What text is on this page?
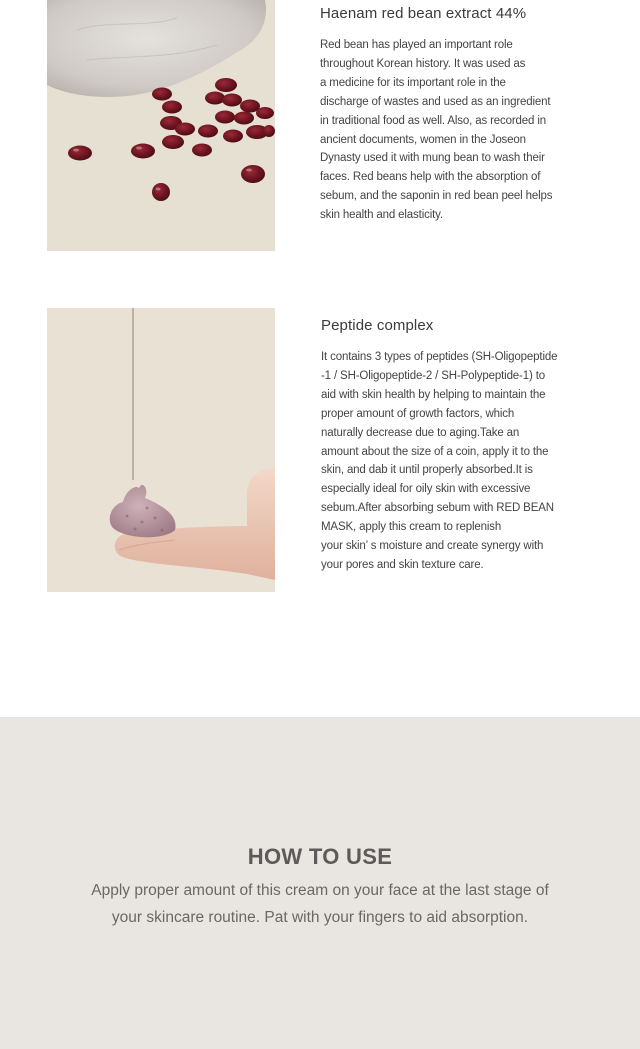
Haenam red bean extract 44%

Red bean has played an important role
throughout Korean history. It was used as
a medicine for its important role in the
discharge of wastes and used as an ingredient
in traditional food as well. Also, as recorded in
ancient documents, women in the Joseon
Dynasty used it with mung bean to wash their
faces. Red beans help with the absorption of
sebum, and the saponin in red bean peel helps
skin health and elasticity.

Peptide complex

It contains 3 types of peptides (SH-Oligopeptide
-1 / SH-Oligopeptide-2 / SH-Polypeptide-1) to
aid with skin health by helping to maintain the
proper amount of growth factors, which
naturally decrease due to aging.Take an
amount about the size of a coin, apply it to the
skin, and dab it until properly absorbed.It is
especially ideal for oily skin with excessive
sebum.After absorbing sebum with RED BEAN
MASK, apply this cream to replenish
your skin’ s moisture and create synergy with
your pores and skin texture care.

HOW TO USE

Apply proper amount of this cream on your face at the last stage of
your skincare routine. Pat with your fingers to aid absorption.
